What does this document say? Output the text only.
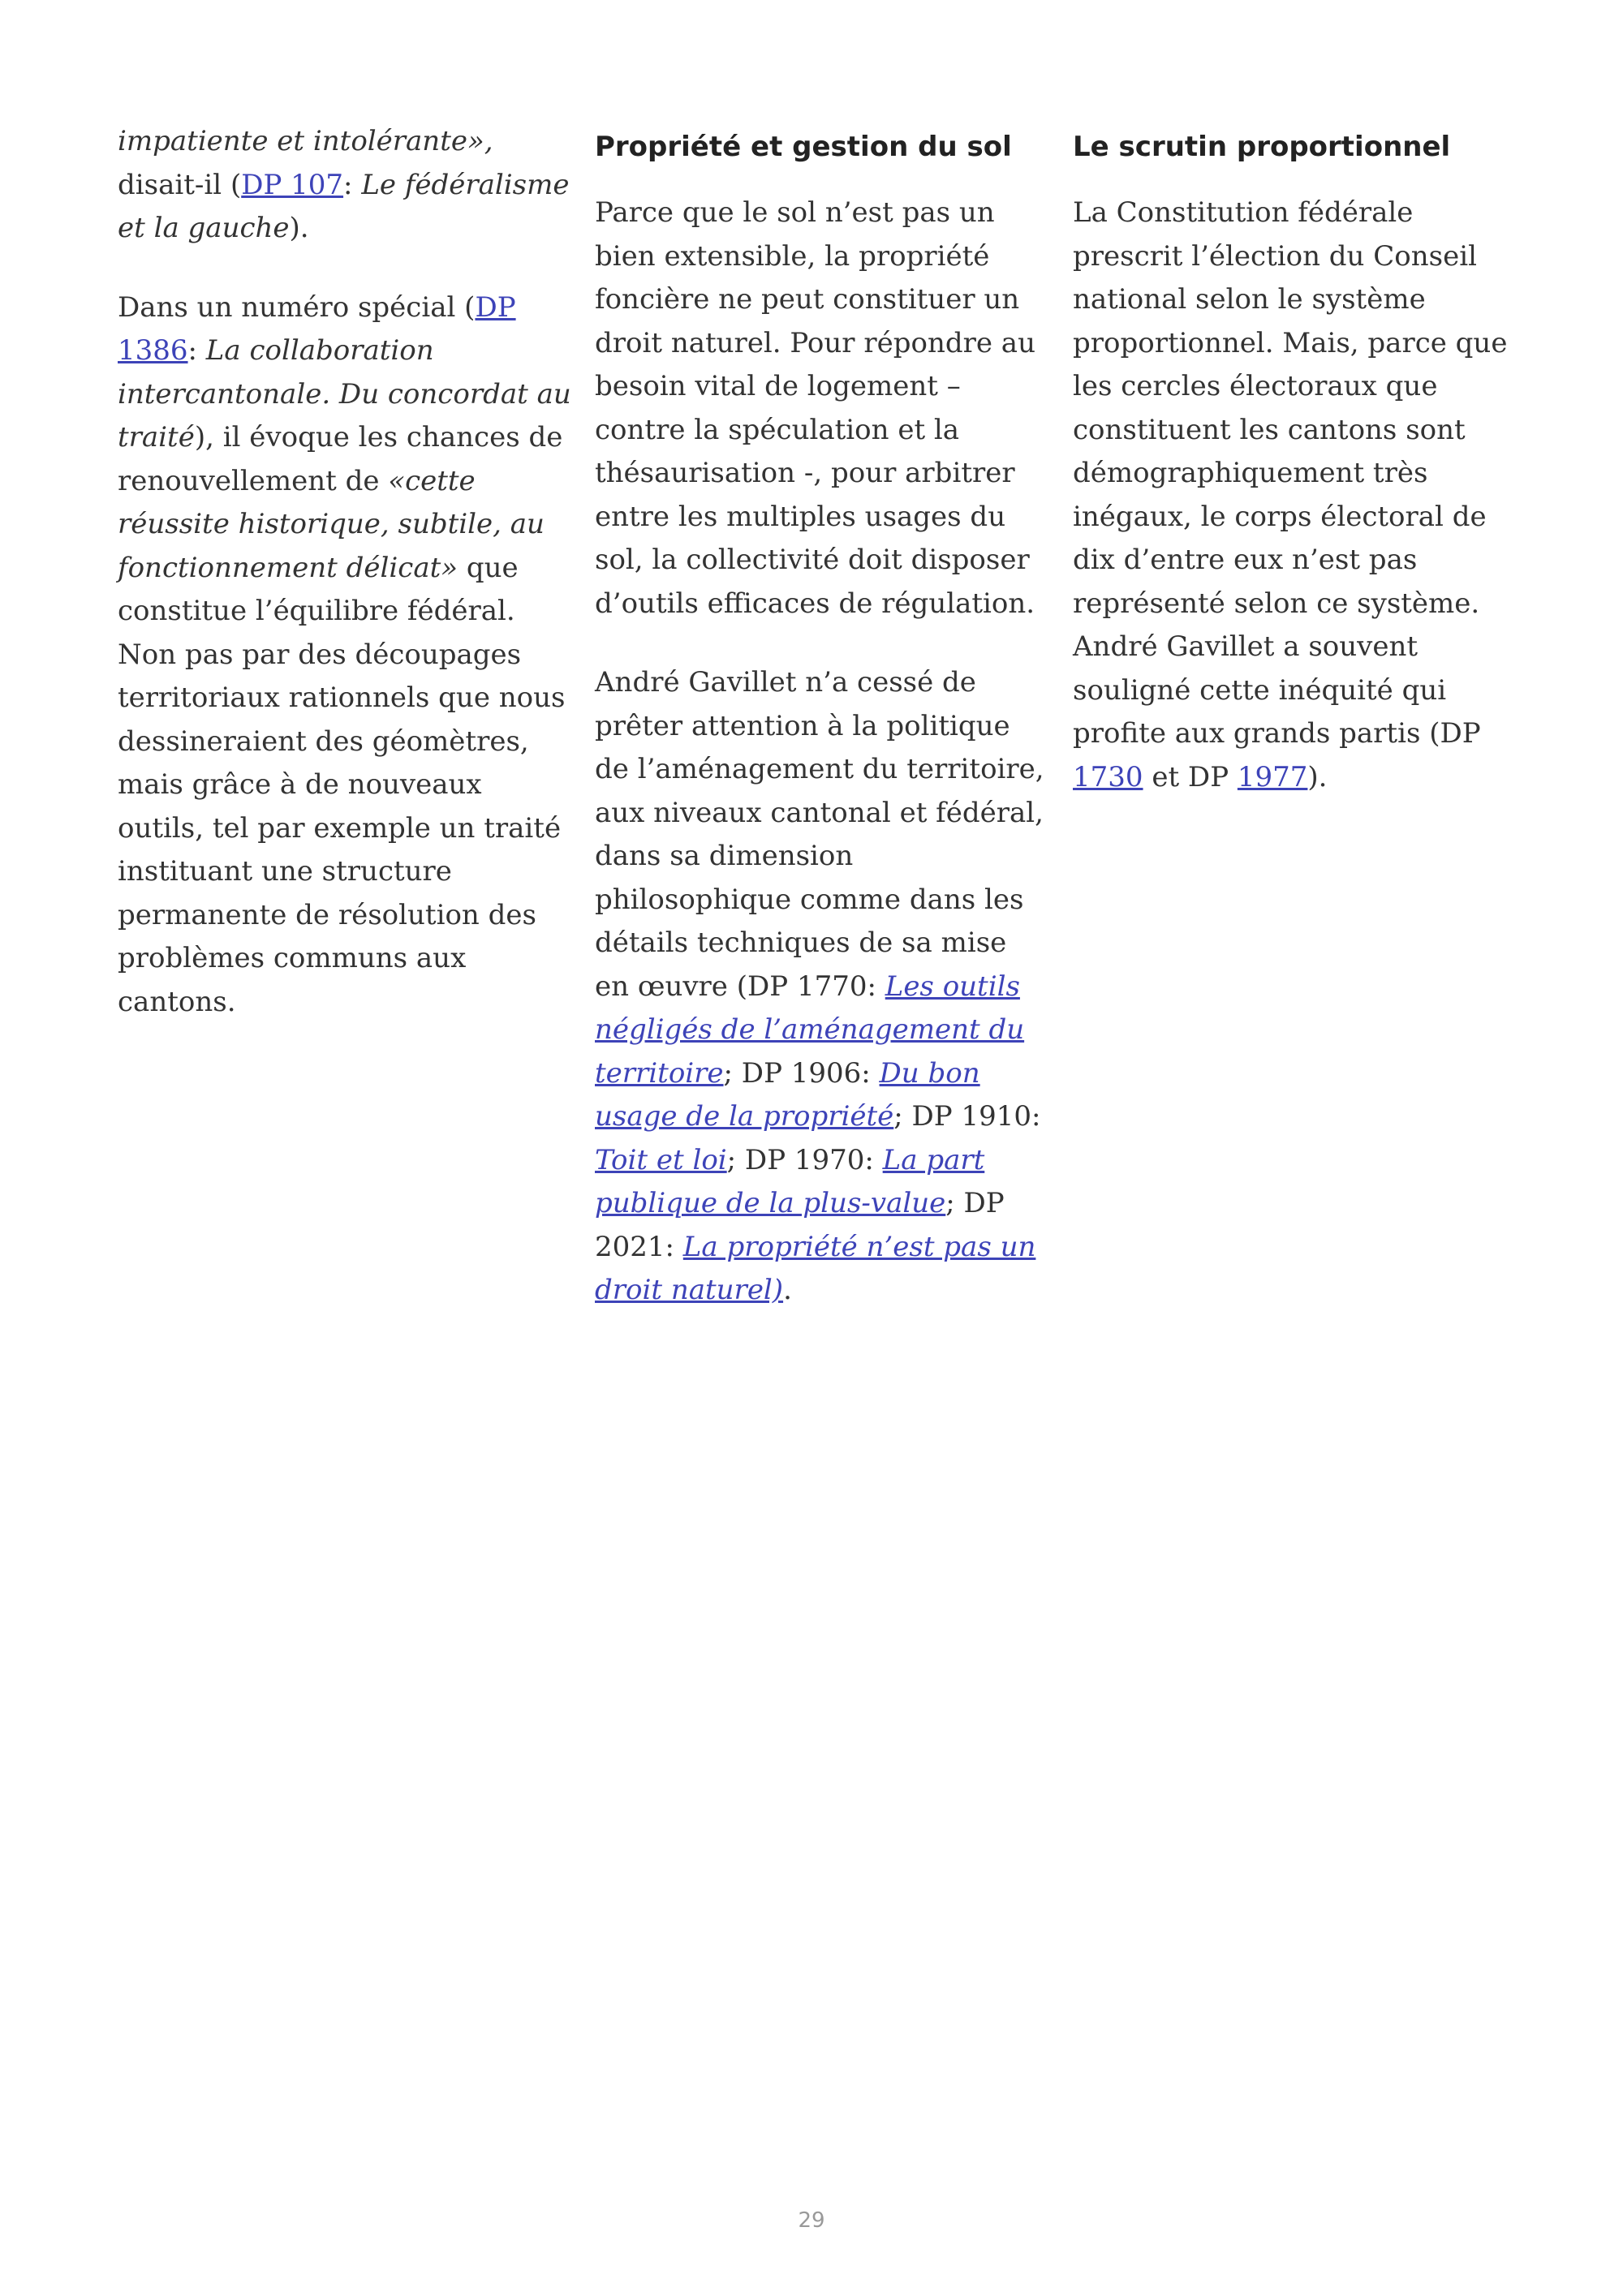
impatiente et intolérante»,
disait-il (DP 107: Le fédéralisme et la gauche).

Dans un numéro spécial (DP 1386: La collaboration intercantonale. Du concordat au traité), il évoque les chances de renouvellement de «cette réussite historique, subtile, au fonctionnement délicat» que constitue l’équilibre fédéral. Non pas par des découpages territoriaux rationnels que nous dessineraient des géomètres, mais grâce à de nouveaux outils, tel par exemple un traité instituant une structure permanente de résolution des problèmes communs aux cantons.

Propriété et gestion du sol

Parce que le sol n’est pas un bien extensible, la propriété foncière ne peut constituer un droit naturel. Pour répondre au besoin vital de logement – contre la spéculation et la thésaurisation -, pour arbitrer entre les multiples usages du sol, la collectivité doit disposer d’outils efficaces de régulation.

André Gavillet n’a cessé de prêter attention à la politique de l’aménagement du territoire, aux niveaux cantonal et fédéral, dans sa dimension philosophique comme dans les détails techniques de sa mise en œuvre (DP 1770: Les outils négligés de l’aménagement du territoire; DP 1906: Du bon usage de la propriété; DP 1910: Toit et loi; DP 1970: La part publique de la plus-value; DP 2021: La propriété n’est pas un droit naturel).

Le scrutin proportionnel

La Constitution fédérale prescrit l’élection du Conseil national selon le système proportionnel. Mais, parce que les cercles électoraux que constituent les cantons sont démographiquement très inégaux, le corps électoral de dix d’entre eux n’est pas représenté selon ce système. André Gavillet a souvent souligné cette inéquité qui profite aux grands partis (DP 1730 et DP 1977).

29
